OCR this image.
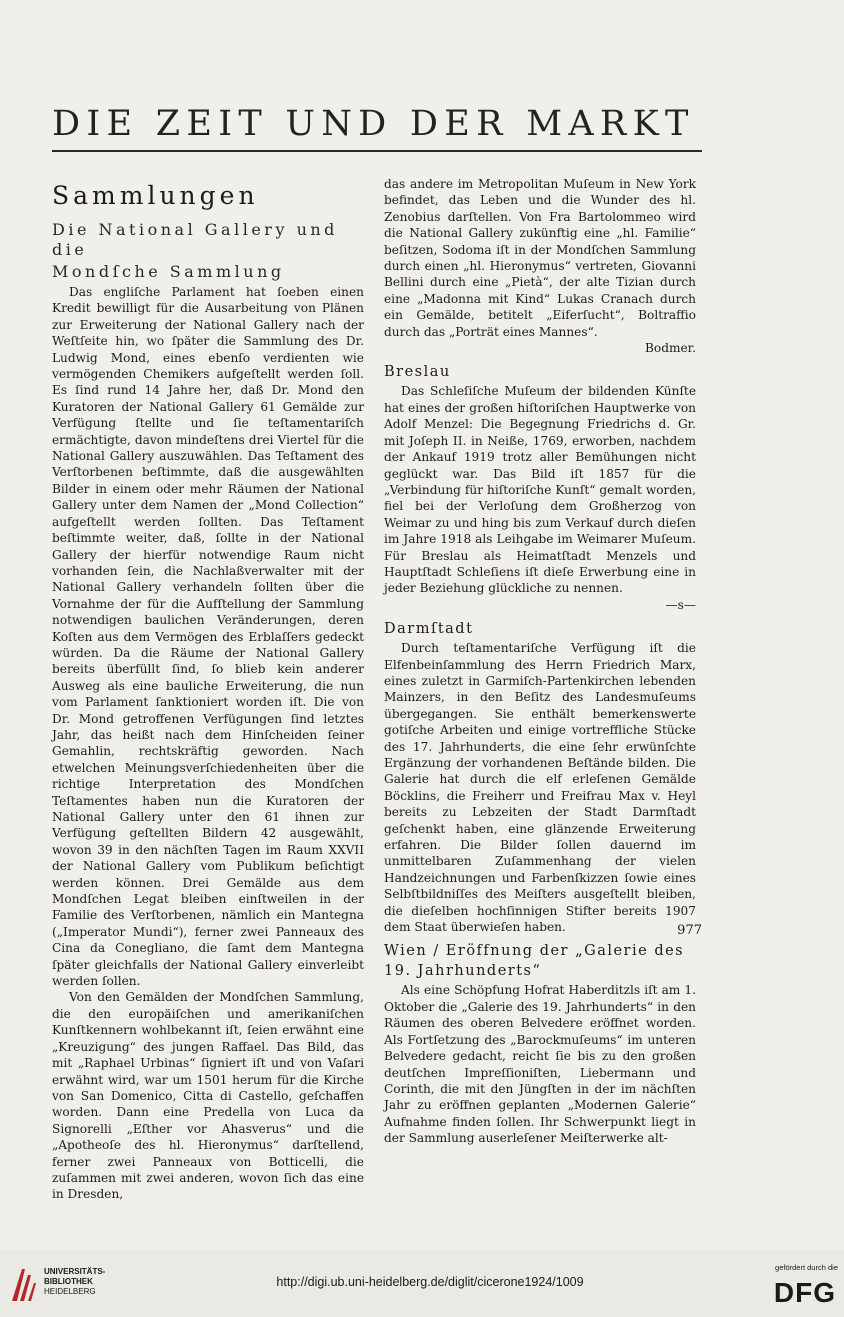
DIE ZEIT UND DER MARKT
Sammlungen
Die National Gallery und die
Mondſche Sammlung

Das engliſche Parlament hat ſoeben einen Kredit bewilligt für die Ausarbeitung von Plänen zur Erweiterung der National Gallery nach der Weſtſeite hin, wo ſpäter die Sammlung des Dr. Ludwig Mond, eines ebenſo verdienten wie vermögenden Chemikers aufgeſtellt werden ſoll. Es ſind rund 14 Jahre her, daß Dr. Mond den Kuratoren der National Gallery 61 Gemälde zur Verfügung ſtellte und ſie teſtamentariſch ermächtigte, davon mindeſtens drei Viertel für die National Gallery auszuwählen. Das Teſtament des Verſtorbenen beſtimmte, daß die ausgewählten Bilder in einem oder mehr Räumen der National Gallery unter dem Namen der „Mond Collection“ aufgeſtellt werden ſollten. Das Teſtament beſtimmte weiter, daß, ſollte in der National Gallery der hierfür notwendige Raum nicht vorhanden ſein, die Nachlaßverwalter mit der National Gallery verhandeln ſollten über die Vornahme der für die Aufſtellung der Sammlung notwendigen baulichen Veränderungen, deren Koſten aus dem Vermögen des Erblaſſers gedeckt würden. Da die Räume der National Gallery bereits überfüllt ſind, ſo blieb kein anderer Ausweg als eine bauliche Erweiterung, die nun vom Parlament ſanktioniert worden iſt. Die von Dr. Mond getroffenen Verfügungen ſind letztes Jahr, das heißt nach dem Hinſcheiden ſeiner Gemahlin, rechtskräftig geworden. Nach etwelchen Meinungsverſchiedenheiten über die richtige Interpretation des Mondſchen Teſtamentes haben nun die Kuratoren der National Gallery unter den 61 ihnen zur Verfügung geſtellten Bildern 42 ausgewählt, wovon 39 in den nächſten Tagen im Raum XXVII der National Gallery vom Publikum beſichtigt werden können. Drei Gemälde aus dem Mondſchen Legat bleiben einſtweilen in der Familie des Verſtorbenen, nämlich ein Mantegna („Imperator Mundi“), ferner zwei Panneaux des Cina da Conegliano, die ſamt dem Mantegna ſpäter gleichfalls der National Gallery einverleibt werden ſollen.

Von den Gemälden der Mondſchen Sammlung, die den europäiſchen und amerikaniſchen Kunſtkennern wohlbekannt iſt, ſeien erwähnt eine „Kreuzigung“ des jungen Raffael. Das Bild, das mit „Raphael Urbinas“ ſigniert iſt und von Vaſari erwähnt wird, war um 1501 herum für die Kirche von San Domenico, Citta di Castello, geſchaffen worden. Dann eine Predella von Luca da Signorelli „Eſther vor Ahasverus“ und die „Apotheoſe des hl. Hieronymus“ darſtellend, ferner zwei Panneaux von Botticelli, die zuſammen mit zwei anderen, wovon ſich das eine in Dresden,

das andere im Metropolitan Muſeum in New York befindet, das Leben und die Wunder des hl. Zenobius darſtellen. Von Fra Bartolommeo wird die National Gallery zukünftig eine „hl. Familie“ beſitzen, Sodoma iſt in der Mondſchen Sammlung durch einen „hl. Hieronymus“ vertreten, Giovanni Bellini durch eine „Pietà“, der alte Tizian durch eine „Madonna mit Kind“ Lukas Cranach durch ein Gemälde, betitelt „Eiferſucht“, Boltraffio durch das „Porträt eines Mannes“.

Bodmer.

Breslau

Das Schleſiſche Muſeum der bildenden Künſte hat eines der großen hiſtoriſchen Hauptwerke von Adolf Menzel: Die Begegnung Friedrichs d. Gr. mit Joſeph II. in Neiße, 1769, erworben, nachdem der Ankauf 1919 trotz aller Bemühungen nicht geglückt war. Das Bild iſt 1857 für die „Verbindung für hiſtoriſche Kunſt“ gemalt worden, fiel bei der Verloſung dem Großherzog von Weimar zu und hing bis zum Verkauf durch dieſen im Jahre 1918 als Leihgabe im Weimarer Muſeum. Für Breslau als Heimatſtadt Menzels und Hauptſtadt Schleſiens iſt dieſe Erwerbung eine in jeder Beziehung glückliche zu nennen.

—s—

Darmſtadt

Durch teſtamentariſche Verfügung iſt die Elfenbeinſammlung des Herrn Friedrich Marx, eines zuletzt in Garmiſch-Partenkirchen lebenden Mainzers, in den Beſitz des Landesmuſeums übergegangen. Sie enthält bemerkenswerte gotiſche Arbeiten und einige vortreffliche Stücke des 17. Jahrhunderts, die eine ſehr erwünſchte Ergänzung der vorhandenen Beſtände bilden. Die Galerie hat durch die elf erleſenen Gemälde Böcklins, die Freiherr und Freifrau Max v. Heyl bereits zu Lebzeiten der Stadt Darmſtadt geſchenkt haben, eine glänzende Erweiterung erfahren. Die Bilder ſollen dauernd im unmittelbaren Zuſammenhang der vielen Handzeichnungen und Farbenſkizzen ſowie eines Selbſtbildniſſes des Meiſters ausgeſtellt bleiben, die dieſelben hochſinnigen Stifter bereits 1907 dem Staat überwieſen haben.

Wien / Eröffnung der „Galerie des 19. Jahrhunderts“

Als eine Schöpfung Hofrat Haberditzls iſt am 1. Oktober die „Galerie des 19. Jahrhunderts“ in den Räumen des oberen Belvedere eröffnet worden. Als Fortſetzung des „Barockmuſeums“ im unteren Belvedere gedacht, reicht ſie bis zu den großen deutſchen Impreſſioniſten, Liebermann und Corinth, die mit den Jüngſten in der im nächſten Jahr zu eröffnen geplanten „Modernen Galerie“ Aufnahme finden ſollen. Ihr Schwerpunkt liegt in der Sammlung auserleſener Meiſterwerke alt-

977
UNIVERSITÄTS-
BIBLIOTHEK
HEIDELBERG
http://digi.ub.uni-heidelberg.de/diglit/cicerone1924/1009
gefördert durch die
DFG
